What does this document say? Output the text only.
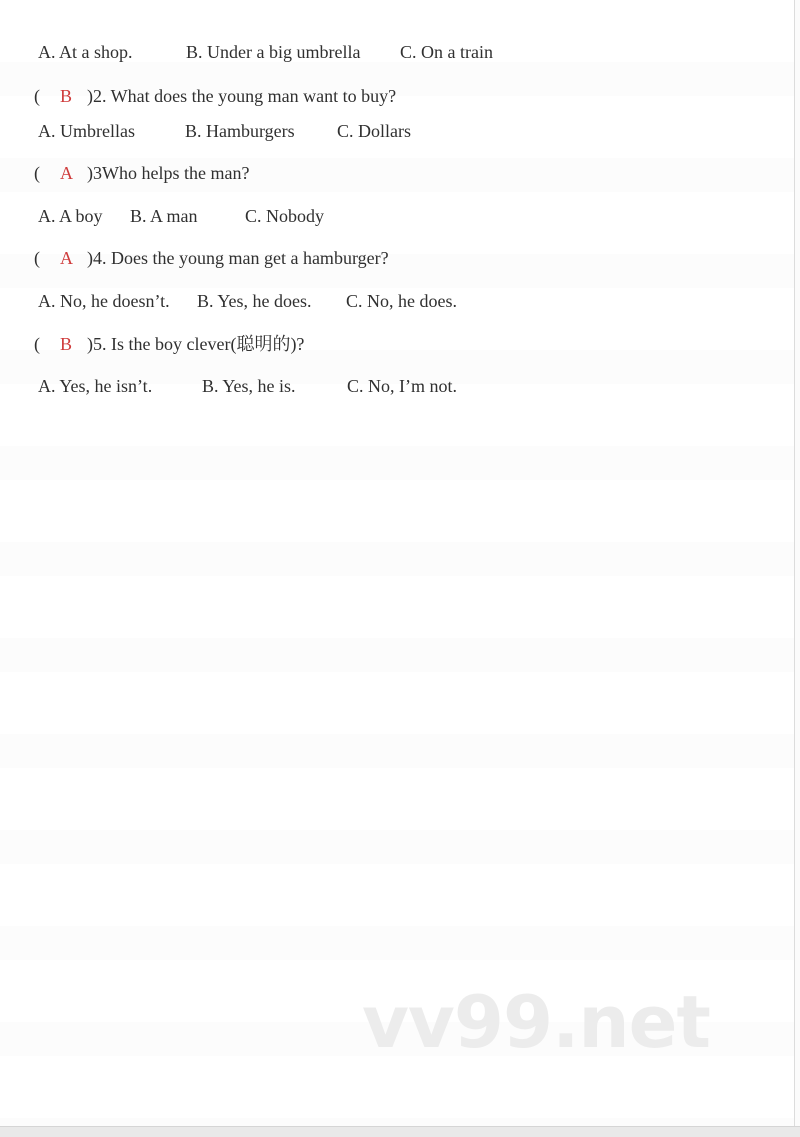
A. At a shop.	B. Under a big umbrella C. On a train
( B )2. What does the young man want to buy?
A. Umbrellas	B. Hamburgers C. Dollars
( A )3Who helps the man?
A. A boy B. A man	C. Nobody
( A )4. Does the young man get a hamburger?
A. No, he doesn’t. B. Yes, he does. C. No, he does.
( B )5. Is the boy clever(聪明的)?
A. Yes, he isn’t.	B. Yes, he is.	C. No, I’m not.
vv99.net
